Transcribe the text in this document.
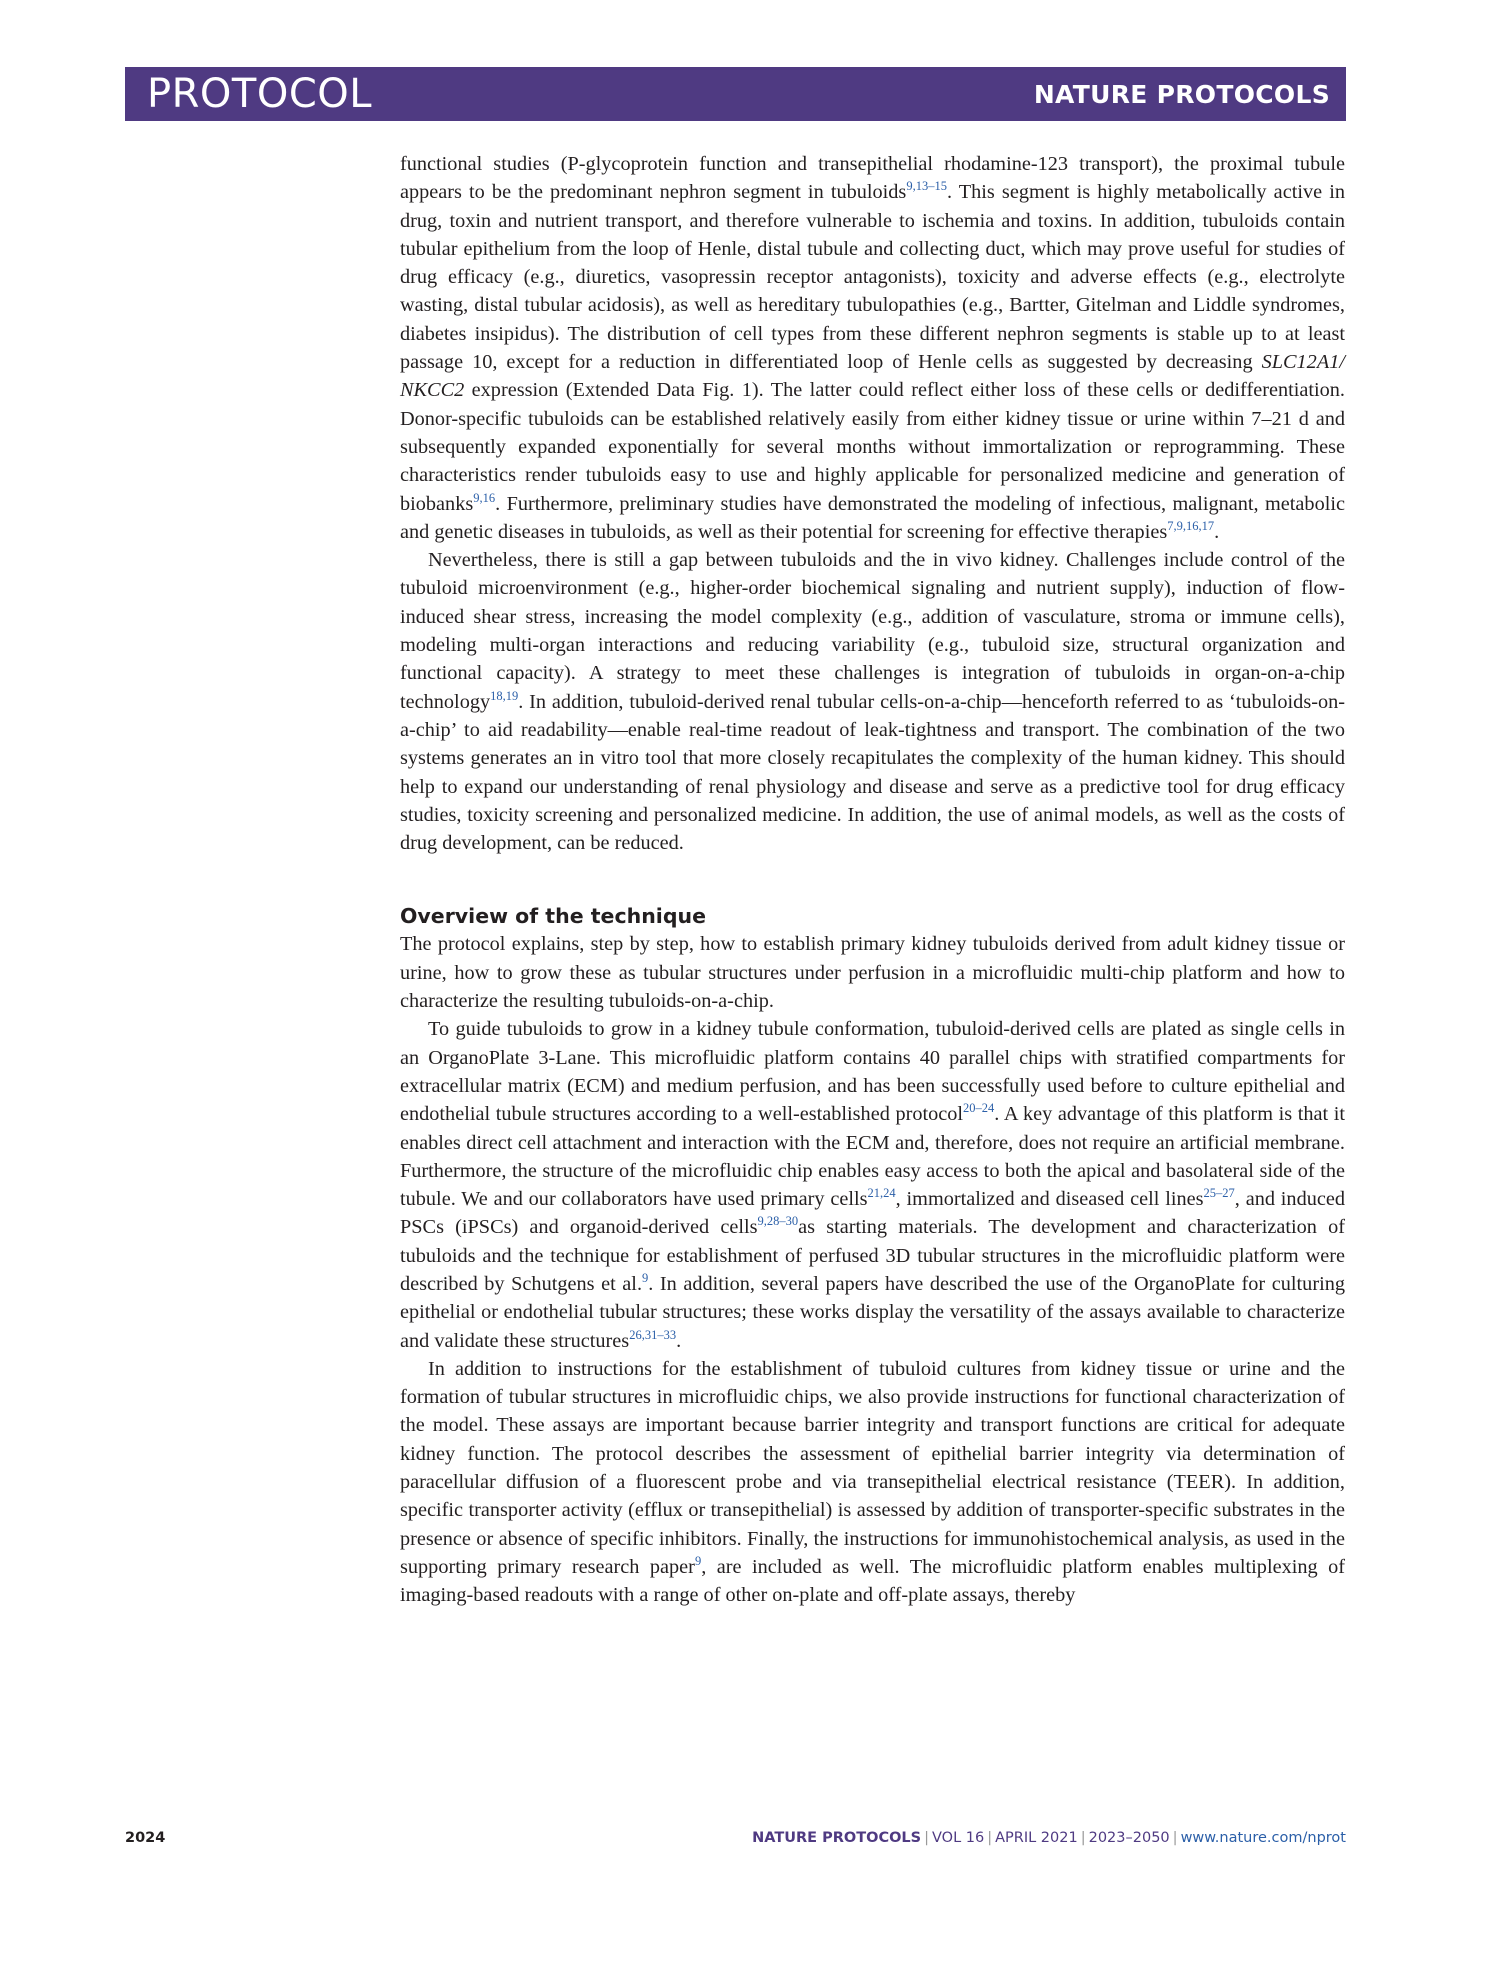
PROTOCOL	NATURE PROTOCOLS

functional studies (P-glycoprotein function and transepithelial rhodamine-123 transport), the proximal tubule appears to be the predominant nephron segment in tubuloids$^{9,13-15}$. This segment is highly metabolically active in drug, toxin and nutrient transport, and therefore vulnerable to ischemia and toxins. In addition, tubuloids contain tubular epithelium from the loop of Henle, distal tubule and collecting duct, which may prove useful for studies of drug efficacy (e.g., diuretics, vasopressin receptor antagonists), toxicity and adverse effects (e.g., electrolyte wasting, distal tubular acidosis), as well as hereditary tubulopathies (e.g., Bartter, Gitelman and Liddle syndromes, diabetes insipidus). The distribution of cell types from these different nephron segments is stable up to at least passage 10, except for a reduction in differentiated loop of Henle cells as suggested by decreasing SLC12A1/ NKCC2 expression (Extended Data Fig. 1). The latter could reflect either loss of these cells or dedifferentiation. Donor-specific tubuloids can be established relatively easily from either kidney tissue or urine within 7–21 d and subsequently expanded exponentially for several months without immortalization or reprogramming. These characteristics render tubuloids easy to use and highly applicable for personalized medicine and generation of biobanks$^{9,16}$. Furthermore, preliminary studies have demonstrated the modeling of infectious, malignant, metabolic and genetic diseases in tubuloids, as well as their potential for screening for effective therapies$^{7,9,16,17}$.

Nevertheless, there is still a gap between tubuloids and the in vivo kidney. Challenges include control of the tubuloid microenvironment (e.g., higher-order biochemical signaling and nutrient supply), induction of flow-induced shear stress, increasing the model complexity (e.g., addition of vasculature, stroma or immune cells), modeling multi-organ interactions and reducing variability (e.g., tubuloid size, structural organization and functional capacity). A strategy to meet these challenges is integration of tubuloids in organ-on-a-chip technology$^{18,19}$. In addition, tubuloid-derived renal tubular cells-on-a-chip—henceforth referred to as ‘tubuloids-on-a-chip’ to aid readability—enable real-time readout of leak-tightness and transport. The combination of the two systems generates an in vitro tool that more closely recapitulates the complexity of the human kidney. This should help to expand our understanding of renal physiology and disease and serve as a predictive tool for drug efficacy studies, toxicity screening and personalized medicine. In addition, the use of animal models, as well as the costs of drug development, can be reduced.

Overview of the technique

The protocol explains, step by step, how to establish primary kidney tubuloids derived from adult kidney tissue or urine, how to grow these as tubular structures under perfusion in a microfluidic multi-chip platform and how to characterize the resulting tubuloids-on-a-chip.

To guide tubuloids to grow in a kidney tubule conformation, tubuloid-derived cells are plated as single cells in an OrganoPlate 3-Lane. This microfluidic platform contains 40 parallel chips with stratified compartments for extracellular matrix (ECM) and medium perfusion, and has been successfully used before to culture epithelial and endothelial tubule structures according to a well-established protocol$^{20-24}$. A key advantage of this platform is that it enables direct cell attachment and interaction with the ECM and, therefore, does not require an artificial membrane. Furthermore, the structure of the microfluidic chip enables easy access to both the apical and basolateral side of the tubule. We and our collaborators have used primary cells$^{21,24}$, immortalized and diseased cell lines$^{25-27}$, and induced PSCs (iPSCs) and organoid-derived cells$^{9,28-30}$as starting materials. The development and characterization of tubuloids and the technique for establishment of perfused 3D tubular structures in the microfluidic platform were described by Schutgens et al.$^9$. In addition, several papers have described the use of the OrganoPlate for culturing epithelial or endothelial tubular structures; these works display the versatility of the assays available to characterize and validate these structures$^{26,31-33}$.

In addition to instructions for the establishment of tubuloid cultures from kidney tissue or urine and the formation of tubular structures in microfluidic chips, we also provide instructions for functional characterization of the model. These assays are important because barrier integrity and transport functions are critical for adequate kidney function. The protocol describes the assessment of epithelial barrier integrity via determination of paracellular diffusion of a fluorescent probe and via transepithelial electrical resistance (TEER). In addition, specific transporter activity (efflux or transepithelial) is assessed by addition of transporter-specific substrates in the presence or absence of specific inhibitors. Finally, the instructions for immunohistochemical analysis, as used in the supporting primary research paper$^9$, are included as well. The microfluidic platform enables multiplexing of imaging-based readouts with a range of other on-plate and off-plate assays, thereby

2024	NATURE PROTOCOLS | VOL 16 | APRIL 2021 | 2023–2050 | www.nature.com/nprot
